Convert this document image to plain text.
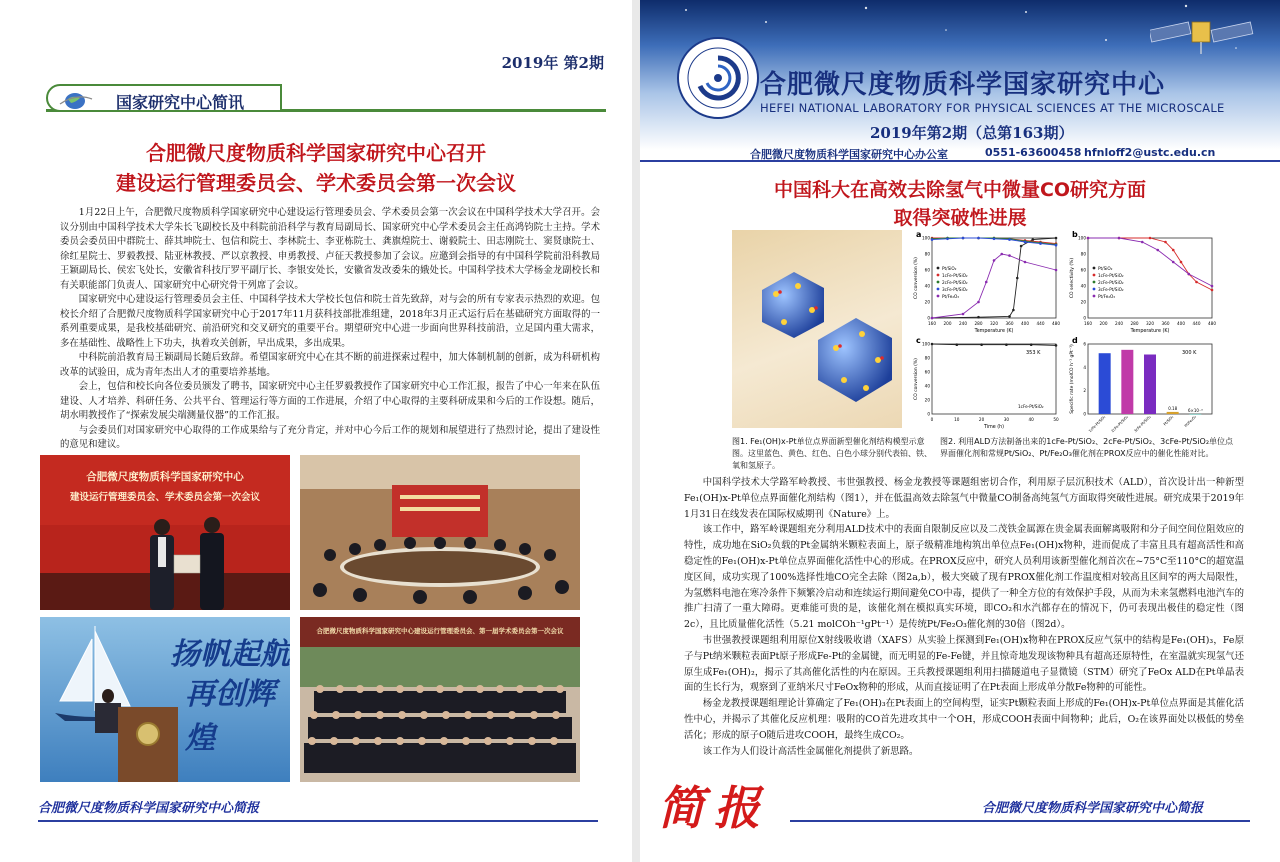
2019年 第2期
国家研究中心简讯
合肥微尺度物质科学国家研究中心召开
建设运行管理委员会、学术委员会第一次会议

1月22日上午，合肥微尺度物质科学国家研究中心建设运行管理委员会、学术委员会第一次会议在中国科学技术大学召开。会议分别由中国科学技术大学朱长飞副校长及中科院前沿科学与教育局副局长、国家研究中心学术委员会主任高鸿钧院士主持。学术委员会委员田中群院士、薛其坤院士、包信和院士、李林院士、李亚栋院士、龚旗煌院士、谢毅院士、田志刚院士、窦贤康院士、徐红星院士、罗毅教授、陆亚林教授、严以京教授、申勇教授、卢征天教授参加了会议。应邀到会指导的有中国科学院前沿科教局王颖副局长、侯宏飞处长，安徽省科技厅罗平副厅长、李银安处长，安徽省发改委朱的娥处长。中国科学技术大学杨金龙副校长和有关职能部门负责人、国家研究中心研究骨干列席了会议。

国家研究中心建设运行管理委员会主任、中国科学技术大学校长包信和院士首先致辞，对与会的所有专家表示热烈的欢迎。包校长介绍了合肥微尺度物质科学国家研究中心于2017年11月获科技部批准组建，2018年3月正式运行后在基础研究方面取得的一系列重要成果，是我校基础研究、前沿研究和交叉研究的重要平台。期望研究中心进一步面向世界科技前沿，立足国内重大需求，多在基础性、战略性上下功夫，执着攻关创新，早出成果，多出成果。

中科院前沿教育局王颖副局长随后致辞。希望国家研究中心在其不断的前进探索过程中，加大体制机制的创新，成为科研机构改革的试验田，成为青年杰出人才的重要培养基地。

会上，包信和校长向各位委员颁发了聘书，国家研究中心主任罗毅教授作了国家研究中心工作汇报，报告了中心一年来在队伍建设、人才培养、科研任务、公共平台、管理运行等方面的工作进展，介绍了中心取得的主要科研成果和今后的工作设想。随后，胡水明教授作了“探索发展尖端测量仪器”的工作汇报。

与会委员们对国家研究中心取得的工作成果给与了充分肯定，并对中心今后工作的规划和展望进行了热烈讨论，提出了建设性的意见和建议。

合肥微尺度物质科学国家研究中心
建设运行管理委员会、学术委员会第一次会议
扬帆起航
再创辉煌
合肥微尺度物质科学国家研究中心建设运行管理委员会、第一届学术委员会第一次会议
合肥微尺度物质科学国家研究中心简报
合肥微尺度物质科学国家研究中心
HEFEI NATIONAL LABORATORY FOR PHYSICAL SCIENCES AT THE MICROSCALE
2019年第2期（总第163期）
合肥微尺度物质科学国家研究中心办公室	0551-63600458 hfnloff2@ustc.edu.cn
中国科大在高效去除氢气中微量CO研究方面
取得突破性进展
a
CO conversion (%)
Temperature (K)
160 200 240 280 320 360 400 440 480
0
20
40
60
80
100
Pt/SiO₂
1cFe-Pt/SiO₂
2cFe-Pt/SiO₂
3cFe-Pt/SiO₂
Pt/Fe₂O₃
b
CO selectivity (%)
Temperature (K)
160 200 240 280 320 360 400 440 480
0
20
40
60
80
100
Pt/SiO₂
1cFe-Pt/SiO₂
2cFe-Pt/SiO₂
3cFe-Pt/SiO₂
Pt/Fe₂O₃
c
CO conversion (%)
Time (h)
353 K
0	10	20	30	40	50
0
20
40
60
80
100
1cFe-Pt/SiO₂
d
Specific rate (molCO h⁻¹ gPt⁻¹)	300 K
0
2
4
6
1cFe-Pt/SiO₂ 2cFe-Pt/SiO₂ 3cFe-Pt/SiO₂	Pt/SiO₂
0.18
Pt/Fe₂O₃
6×10⁻³
图1. Fe₁(OH)x-Pt单位点界面新型催化剂结构模型示意图。这里蓝色、黄色、红色、白色小球分别代表铂、铁、氧和氢原子。
图2. 利用ALD方法制备出来的1cFe-Pt/SiO₂、2cFe-Pt/SiO₂、3cFe-Pt/SiO₂单位点界面催化剂和常规Pt/SiO₂、Pt/Fe₂O₃催化剂在PROX反应中的催化性能对比。

中国科学技术大学路军岭教授、韦世强教授、杨金龙教授等课题组密切合作，利用原子层沉积技术（ALD），首次设计出一种新型Fe₁(OH)x-Pt单位点界面催化剂结构（图1），并在低温高效去除氢气中微量CO制备高纯氢气方面取得突破性进展。研究成果于2019年1月31日在线发表在国际权威期刊《Nature》上。

该工作中，路军岭课题组充分利用ALD技术中的表面自限制反应以及二茂铁金属源在贵金属表面解离吸附和分子间空间位阻效应的特性，成功地在SiO₂负载的Pt金属纳米颗粒表面上，原子级精准地构筑出单位点Fe₁(OH)x物种，进而促成了丰富且具有超高活性和高稳定性的Fe₁(OH)x-Pt单位点界面催化活性中心的形成。在PROX反应中，研究人员利用该新型催化剂首次在~75°C至110°C的超宽温度区间，成功实现了100%选择性地CO完全去除（图2a,b），极大突破了现有PROX催化剂工作温度相对较高且区间窄的两大局限性，为氢燃料电池在寒冷条件下频繁冷启动和连续运行期间避免CO中毒，提供了一种全方位的有效保护手段，从而为未来氢燃料电池汽车的推广扫清了一重大障碍。更难能可贵的是，该催化剂在模拟真实环境，即CO₂和水汽都存在的情况下，仍可表现出极佳的稳定性（图2c），且比质量催化活性（5.21 molCOh⁻¹gPt⁻¹）是传统Pt/Fe₂O₃催化剂的30倍（图2d）。

韦世强教授课题组利用原位X射线吸收谱（XAFS）从实验上探测到Fe₁(OH)x物种在PROX反应气氛中的结构是Fe₁(OH)₃，Fe原子与Pt纳米颗粒表面Pt原子形成Fe-Pt的金属键，而无明显的Fe-Fe键，并且惊奇地发现该物种具有超高还原特性，在室温就实现氢气还原生成Fe₁(OH)₂，揭示了其高催化活性的内在原因。王兵教授课题组利用扫描隧道电子显微镜（STM）研究了FeOx ALD在Pt单晶表面的生长行为，观察到了亚纳米尺寸FeOx物种的形成，从而直接证明了在Pt表面上形成单分散Fe物种的可能性。

杨金龙教授课题组理论计算确定了Fe₁(OH)₃在Pt表面上的空间构型，证实Pt颗粒表面上形成的Fe₁(OH)x-Pt单位点界面是其催化活性中心，并揭示了其催化反应机理：吸附的CO首先进攻其中一个OH，形成COOH表面中间物种；此后，O₂在该界面处以极低的势垒活化；形成的原子O随后进攻COOH，最终生成CO₂。

该工作为人们设计高活性金属催化剂提供了新思路。

简报	合肥微尺度物质科学国家研究中心简报
